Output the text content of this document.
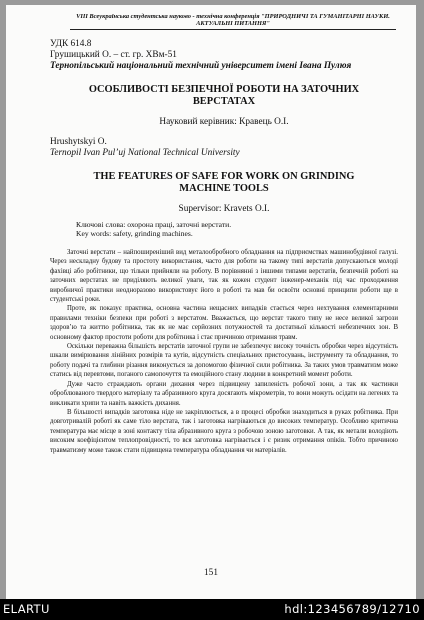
VIII Всеукраїнська студентська науково - технічна конференція "ПРИРОДНИЧІ ТА ГУМАНІТАРНІ НАУКИ.
АКТУАЛЬНІ ПИТАННЯ"
УДК 614.8
Грушицький О. – ст. гр. ХВм-51
Тернопільський національний технічний університет імені Івана Пулюя
ОСОБЛИВОСТІ БЕЗПЕЧНОЇ РОБОТИ НА ЗАТОЧНИХ
ВЕРСТАТАХ
Науковий керівник: Кравець О.І.
Hrushytskyi O.
Ternopil Ivan Pul’uj National Technical University
THE FEATURES OF SAFE FOR WORK ON GRINDING
MACHINE TOOLS
Supervisor: Kravets O.I.
Ключові слова: охорона праці, заточні верстати.
Key words: safety, grinding machines.

Заточні верстати – найпоширеніший вид металообробного обладнання на підприємствах машинобудівної галузі. Через нескладну будову та простоту використання, часто для роботи на такому типі верстатів допускаються молоді фахівці або робітники, що тільки прийняли на роботу. В порівнянні з іншими типами верстатів, безпечній роботі на заточних верстатах не приділяють великої уваги, так як кожен студент інженер-механік під час проходження виробничої практики неодноразово використовує його в роботі та мав би освоїти основні принципи роботи ще в студентські роки.

Проте, як показує практика, основна частина нещасних випадків стається через нехтування елементарними правилами техніки безпеки при роботі з верстатом. Вважається, що верстат такого типу не несе великої загрози здоров’ю та життю робітника, так як не має серйозних потужностей та достатньої кількості небезпечних зон. В основному фактор простоти роботи для робітника і стає причиною отримання травм.

Оскільки переважна більшість верстатів заточної групи не забезпечує високу точність обробки через відсутність шкали вимірювання лінійних розмірів та кутів, відсутність спеціальних пристосувань, інструменту та обладнання, то роботу подачі та глибини різання виконується за допомогою фізичної сили робітника. За таких умов травматизм може статись від перевтоми, поганого самопочуття та емоційного стану людини в конкретний момент роботи.

Дуже часто страждають органи дихання через підвищену запиленість робочої зони, а так як частинки оброблюваного твердого матеріалу та абразивного круга досягають мікрометрів, то вони можуть осідати на легенях та викликати хрипи та навіть важкість дихання.

В більшості випадків заготовка ніде не закріплюється, а в процесі обробки знаходиться в руках робітника. При довготривалій роботі як саме тіло верстата, так і заготовка нагріваються до високих температур. Особливо критична температура має місце в зоні контакту тіла абразивного круга з робочою зоною заготовки. А так, як метали володіють високим коефіцієнтом теплопровідності, то вся заготовка нагрівається і є ризик отримання опіків. Тобто причиною травматизму може також стати підвищена температура обладнання чи матеріалів.

151
ELARTU	hdl:123456789/12710
